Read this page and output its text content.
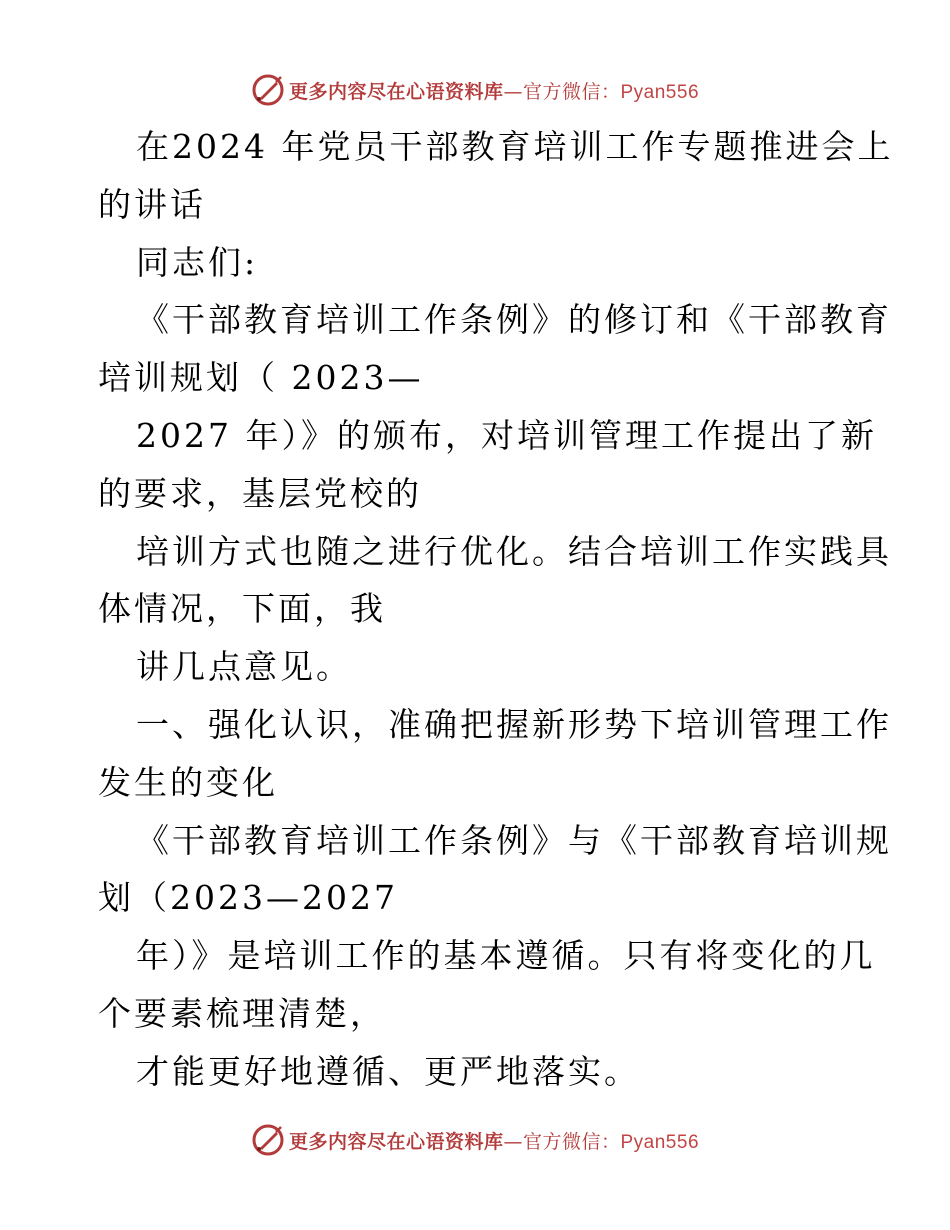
更多内容尽在心语资料库—官方微信：Pyan556
在2024 年党员干部教育培训工作专题推进会上
的讲话
同志们:
《干部教育培训工作条例》的修订和《干部教育
培训规划（ 2023—
2027 年）》的颁布，对培训管理工作提出了新
的要求，基层党校的
培训方式也随之进行优化。结合培训工作实践具
体情况，下面，我
讲几点意见。
一、强化认识，准确把握新形势下培训管理工作
发生的变化
《干部教育培训工作条例》与《干部教育培训规
划（2023—2027
年）》是培训工作的基本遵循。只有将变化的几
个要素梳理清楚，
才能更好地遵循、更严地落实。
更多内容尽在心语资料库—官方微信：Pyan556
